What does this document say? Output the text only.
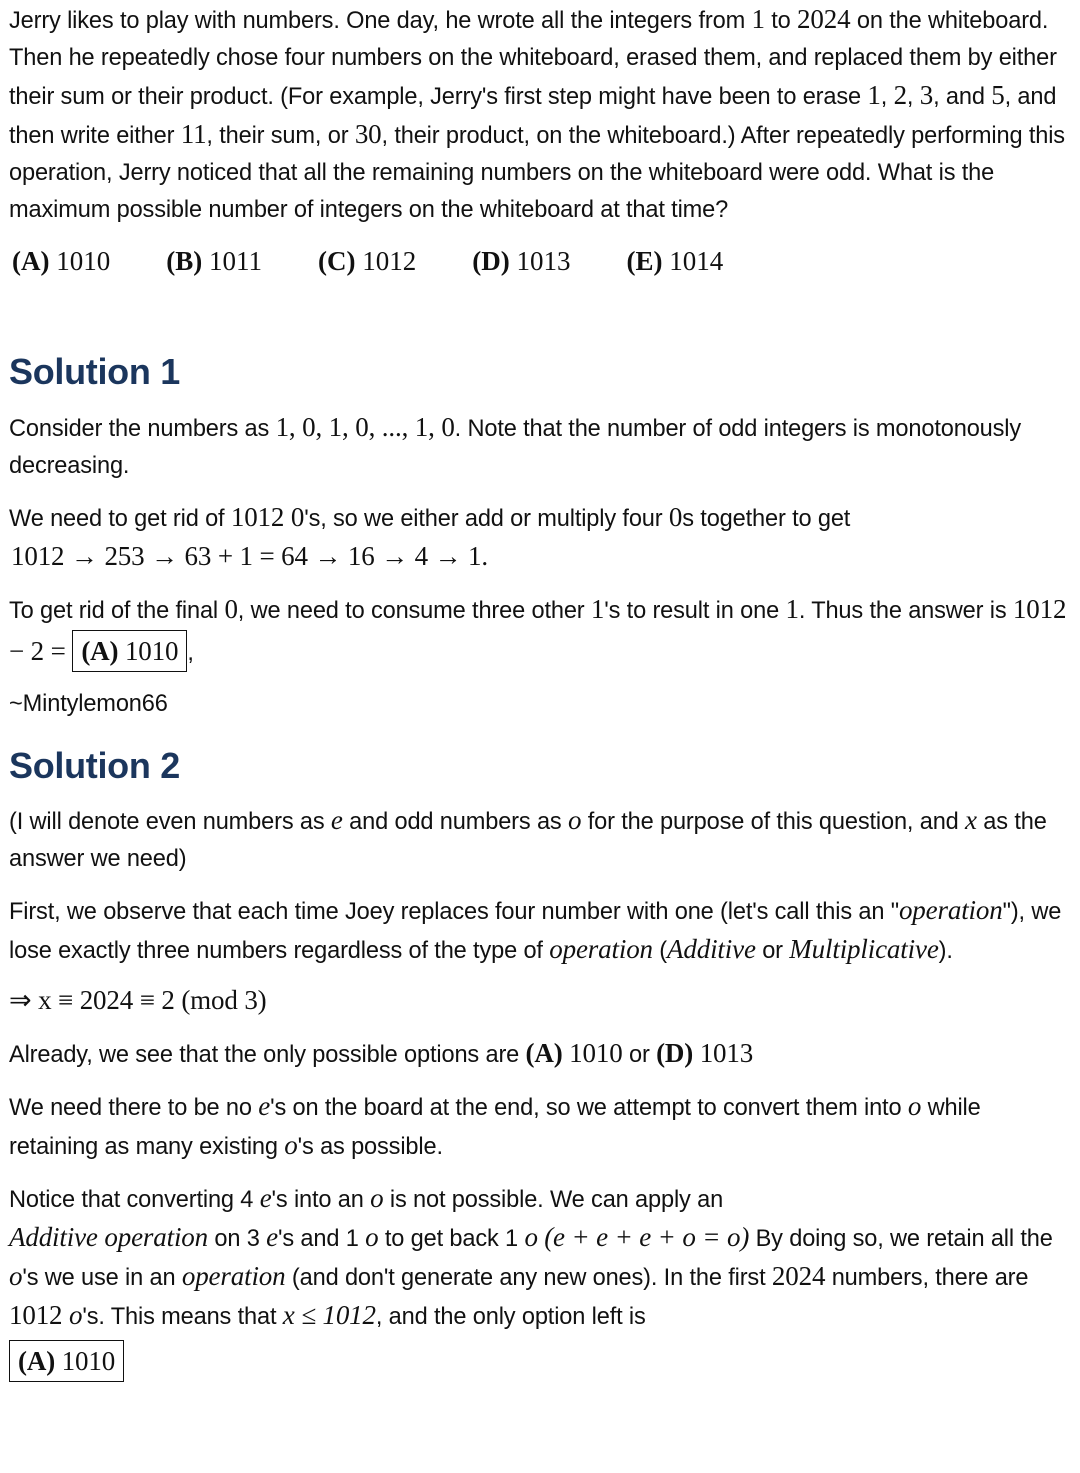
Jerry likes to play with numbers. One day, he wrote all the integers from 1 to 2024 on the whiteboard. Then he repeatedly chose four numbers on the whiteboard, erased them, and replaced them by either their sum or their product. (For example, Jerry's first step might have been to erase 1, 2, 3, and 5, and then write either 11, their sum, or 30, their product, on the whiteboard.) After repeatedly performing this operation, Jerry noticed that all the remaining numbers on the whiteboard were odd. What is the maximum possible number of integers on the whiteboard at that time?

(A) 1010 (B) 1011 (C) 1012 (D) 1013 (E) 1014
Solution 1

Consider the numbers as 1, 0, 1, 0, ..., 1, 0. Note that the number of odd integers is monotonously decreasing.

We need to get rid of 1012 0's, so we either add or multiply four 0s together to get
1012 → 253 → 63 + 1 = 64 → 16 → 4 → 1.

To get rid of the final 0, we need to consume three other 1's to result in one 1. Thus the answer is 1012 − 2 = (A) 1010 ,

~Mintylemon66

Solution 2

(I will denote even numbers as e and odd numbers as o for the purpose of this question, and x as the answer we need)

First, we observe that each time Joey replaces four number with one (let's call this an "operation"), we lose exactly three numbers regardless of the type of operation (Additive or Multiplicative).

⇒ x ≡ 2024 ≡ 2 (mod 3)

Already, we see that the only possible options are (A) 1010 or (D) 1013

We need there to be no e's on the board at the end, so we attempt to convert them into o while retaining as many existing o's as possible.

Notice that converting 4 e's into an o is not possible. We can apply an
Additive operation on 3 e's and 1 o to get back 1 o (e + e + e + o = o) By doing so, we retain all the o's we use in an operation (and don't generate any new ones). In the first 2024 numbers, there are 1012 o's. This means that x ≤ 1012, and the only option left is
(A) 1010
